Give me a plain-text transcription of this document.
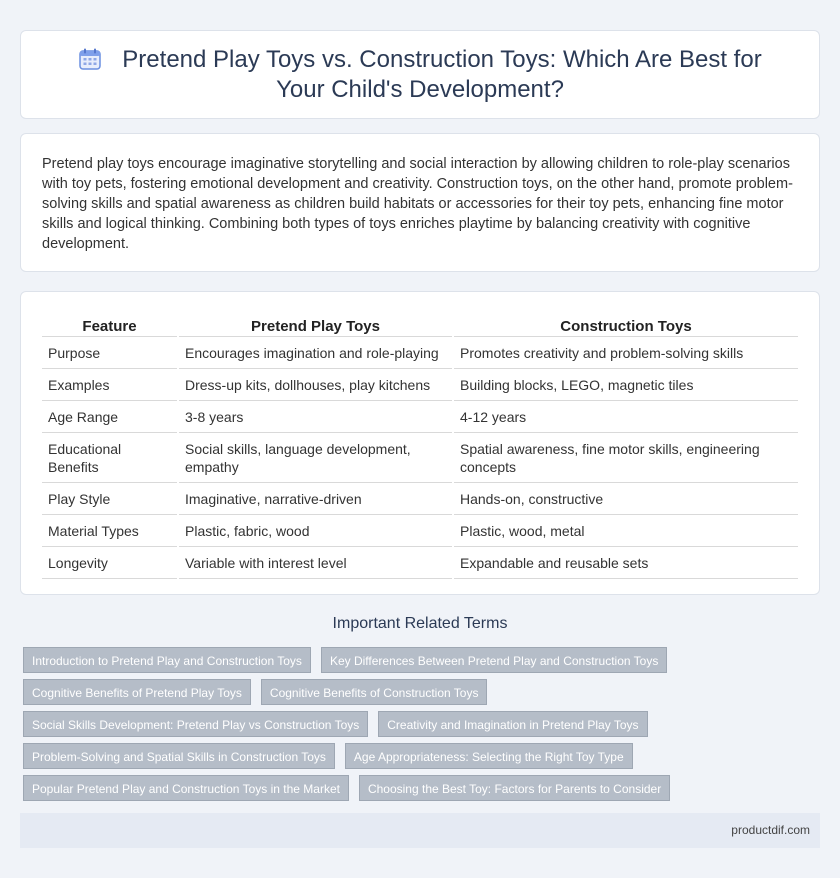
Pretend Play Toys vs. Construction Toys: Which Are Best for Your Child's Development?

Pretend play toys encourage imaginative storytelling and social interaction by allowing children to role-play scenarios with toy pets, fostering emotional development and creativity. Construction toys, on the other hand, promote problem-solving skills and spatial awareness as children build habitats or accessories for their toy pets, enhancing fine motor skills and logical thinking. Combining both types of toys enriches playtime by balancing creativity with cognitive development.

Feature	Pretend Play Toys	Construction Toys
Purpose	Encourages imagination and role-playing	Promotes creativity and problem-solving skills
Examples	Dress-up kits, dollhouses, play kitchens	Building blocks, LEGO, magnetic tiles
Age Range	3-8 years	4-12 years
Educational Benefits	Social skills, language development, empathy	Spatial awareness, fine motor skills, engineering concepts
Play Style	Imaginative, narrative-driven	Hands-on, constructive
Material Types	Plastic, fabric, wood	Plastic, wood, metal
Longevity	Variable with interest level	Expandable and reusable sets
Important Related Terms
Introduction to Pretend Play and Construction Toys Key Differences Between Pretend Play and Construction Toys
Cognitive Benefits of Pretend Play Toys Cognitive Benefits of Construction Toys
Social Skills Development: Pretend Play vs Construction Toys Creativity and Imagination in Pretend Play Toys
Problem-Solving and Spatial Skills in Construction Toys Age Appropriateness: Selecting the Right Toy Type
Popular Pretend Play and Construction Toys in the Market Choosing the Best Toy: Factors for Parents to Consider
productdif.com
